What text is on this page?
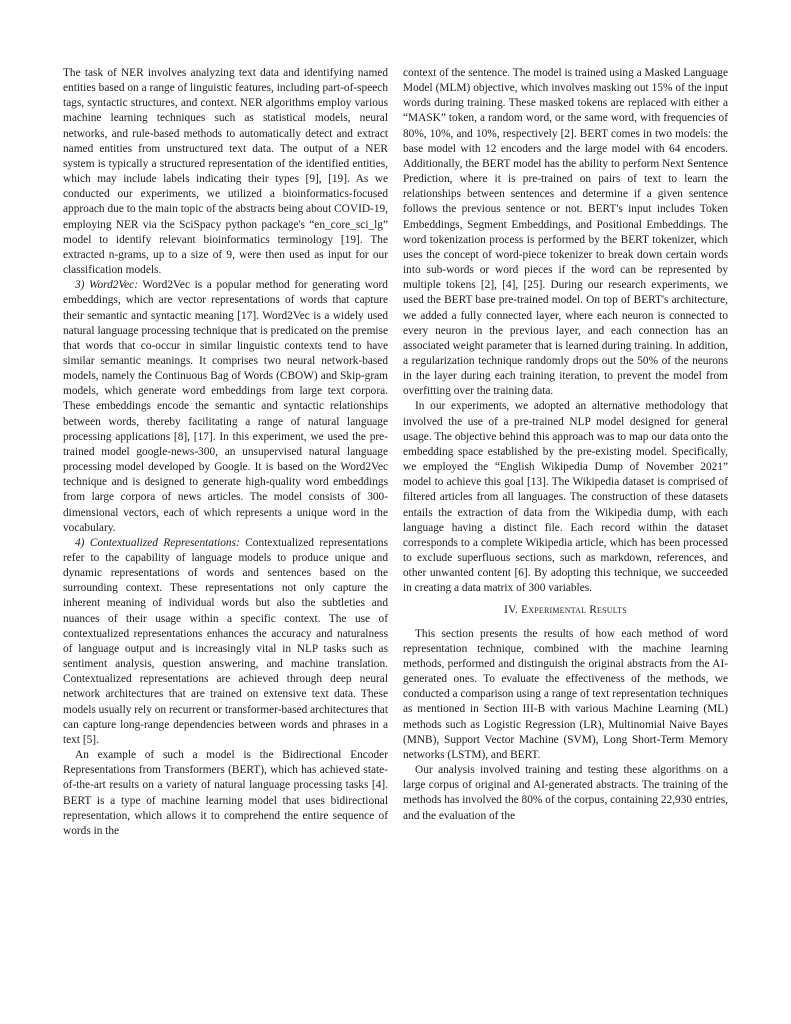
The task of NER involves analyzing text data and identifying named entities based on a range of linguistic features, including part-of-speech tags, syntactic structures, and context. NER algorithms employ various machine learning techniques such as statistical models, neural networks, and rule-based methods to automatically detect and extract named entities from unstructured text data. The output of a NER system is typically a structured representation of the identified entities, which may include labels indicating their types [9], [19]. As we conducted our experiments, we utilized a bioinformatics-focused approach due to the main topic of the abstracts being about COVID-19, employing NER via the SciSpacy python package's “en_core_sci_lg” model to identify relevant bioinformatics terminology [19]. The extracted n-grams, up to a size of 9, were then used as input for our classification models.

3) Word2Vec: Word2Vec is a popular method for generating word embeddings, which are vector representations of words that capture their semantic and syntactic meaning [17]. Word2Vec is a widely used natural language processing technique that is predicated on the premise that words that co-occur in similar linguistic contexts tend to have similar semantic meanings. It comprises two neural network-based models, namely the Continuous Bag of Words (CBOW) and Skip-gram models, which generate word embeddings from large text corpora. These embeddings encode the semantic and syntactic relationships between words, thereby facilitating a range of natural language processing applications [8], [17]. In this experiment, we used the pre-trained model google-news-300, an unsupervised natural language processing model developed by Google. It is based on the Word2Vec technique and is designed to generate high-quality word embeddings from large corpora of news articles. The model consists of 300-dimensional vectors, each of which represents a unique word in the vocabulary.

4) Contextualized Representations: Contextualized representations refer to the capability of language models to produce unique and dynamic representations of words and sentences based on the surrounding context. These representations not only capture the inherent meaning of individual words but also the subtleties and nuances of their usage within a specific context. The use of contextualized representations enhances the accuracy and naturalness of language output and is increasingly vital in NLP tasks such as sentiment analysis, question answering, and machine translation. Contextualized representations are achieved through deep neural network architectures that are trained on extensive text data. These models usually rely on recurrent or transformer-based architectures that can capture long-range dependencies between words and phrases in a text [5].

An example of such a model is the Bidirectional Encoder Representations from Transformers (BERT), which has achieved state-of-the-art results on a variety of natural language processing tasks [4]. BERT is a type of machine learning model that uses bidirectional representation, which allows it to comprehend the entire sequence of words in the

context of the sentence. The model is trained using a Masked Language Model (MLM) objective, which involves masking out 15% of the input words during training. These masked tokens are replaced with either a “MASK” token, a random word, or the same word, with frequencies of 80%, 10%, and 10%, respectively [2]. BERT comes in two models: the base model with 12 encoders and the large model with 64 encoders. Additionally, the BERT model has the ability to perform Next Sentence Prediction, where it is pre-trained on pairs of text to learn the relationships between sentences and determine if a given sentence follows the previous sentence or not. BERT's input includes Token Embeddings, Segment Embeddings, and Positional Embeddings. The word tokenization process is performed by the BERT tokenizer, which uses the concept of word-piece tokenizer to break down certain words into sub-words or word pieces if the word can be represented by multiple tokens [2], [4], [25]. During our research experiments, we used the BERT base pre-trained model. On top of BERT's architecture, we added a fully connected layer, where each neuron is connected to every neuron in the previous layer, and each connection has an associated weight parameter that is learned during training. In addition, a regularization technique randomly drops out the 50% of the neurons in the layer during each training iteration, to prevent the model from overfitting over the training data.

In our experiments, we adopted an alternative methodology that involved the use of a pre-trained NLP model designed for general usage. The objective behind this approach was to map our data onto the embedding space established by the pre-existing model. Specifically, we employed the “English Wikipedia Dump of November 2021” model to achieve this goal [13]. The Wikipedia dataset is comprised of filtered articles from all languages. The construction of these datasets entails the extraction of data from the Wikipedia dump, with each language having a distinct file. Each record within the dataset corresponds to a complete Wikipedia article, which has been processed to exclude superfluous sections, such as markdown, references, and other unwanted content [6]. By adopting this technique, we succeeded in creating a data matrix of 300 variables.

IV. Experimental Results

This section presents the results of how each method of word representation technique, combined with the machine learning methods, performed and distinguish the original abstracts from the AI-generated ones. To evaluate the effectiveness of the methods, we conducted a comparison using a range of text representation techniques as mentioned in Section III-B with various Machine Learning (ML) methods such as Logistic Regression (LR), Multinomial Naive Bayes (MNB), Support Vector Machine (SVM), Long Short-Term Memory networks (LSTM), and BERT.

Our analysis involved training and testing these algorithms on a large corpus of original and AI-generated abstracts. The training of the methods has involved the 80% of the corpus, containing 22,930 entries, and the evaluation of the
